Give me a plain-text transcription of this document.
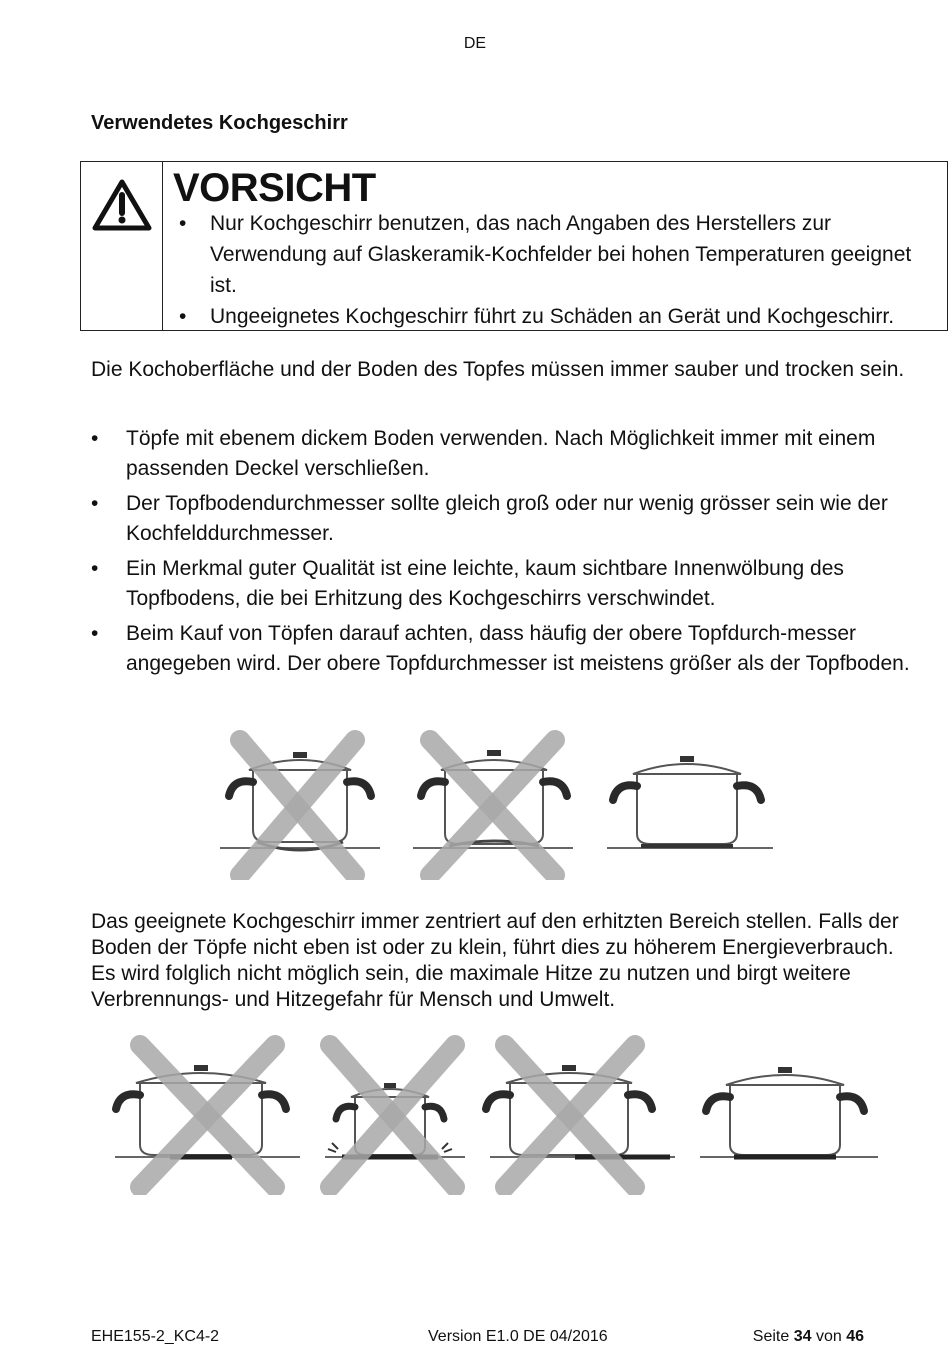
DE
Verwendetes Kochgeschirr
VORSICHT
• Nur Kochgeschirr benutzen, das nach Angaben des Herstellers zur Verwendung auf Glaskeramik-Kochfelder bei hohen Temperaturen geeignet ist.
• Ungeeignetes Kochgeschirr führt zu Schäden an Gerät und Kochgeschirr.
Die Kochoberfläche und der Boden des Topfes müssen immer sauber und trocken sein.
• Töpfe mit ebenem dickem Boden verwenden. Nach Möglichkeit immer mit einem passenden Deckel verschließen.
• Der Topfbodendurchmesser sollte gleich groß oder nur wenig grösser sein wie der Kochfelddurchmesser.
• Ein Merkmal guter Qualität ist eine leichte, kaum sichtbare Innenwölbung des Topfbodens, die bei Erhitzung des Kochgeschirrs verschwindet.
• Beim Kauf von Töpfen darauf achten, dass häufig der obere Topfdurch-messer angegeben wird. Der obere Topfdurchmesser ist meistens größer als der Topfboden.
Das geeignete Kochgeschirr immer zentriert auf den erhitzten Bereich stellen. Falls der Boden der Töpfe nicht eben ist oder zu klein, führt dies zu höherem Energieverbrauch. Es wird folglich nicht möglich sein, die maximale Hitze zu nutzen und birgt weitere Verbrennungs- und Hitzegefahr für Mensch und Umwelt.
EHE155-2_KC4-2	Version E1.0 DE 04/2016	Seite 34 von 46
